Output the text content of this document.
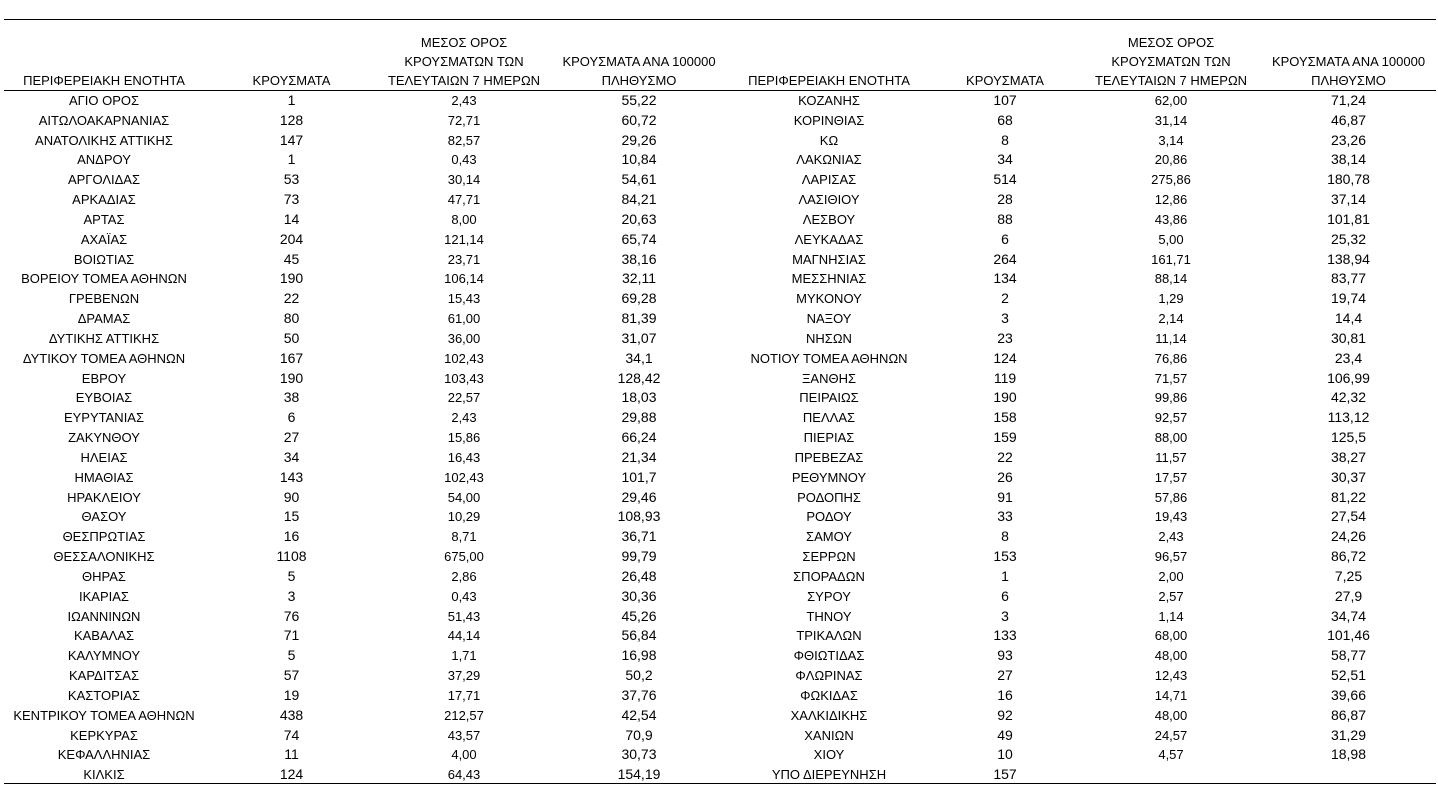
ΠΕΡΙΦΕΡΕΙΑΚΗ ΕΝΟΤΗΤΑ	ΚΡΟΥΣΜΑΤΑ	ΜΕΣΟΣ ΟΡΟΣ
ΚΡΟΥΣΜΑΤΩΝ ΤΩΝ
ΤΕΛΕΥΤΑΙΩΝ 7 ΗΜΕΡΩΝ	ΚΡΟΥΣΜΑΤΑ ΑΝΑ 100000
ΠΛΗΘΥΣΜΟ	ΠΕΡΙΦΕΡΕΙΑΚΗ ΕΝΟΤΗΤΑ	ΚΡΟΥΣΜΑΤΑ	ΜΕΣΟΣ ΟΡΟΣ
ΚΡΟΥΣΜΑΤΩΝ ΤΩΝ
ΤΕΛΕΥΤΑΙΩΝ 7 ΗΜΕΡΩΝ	ΚΡΟΥΣΜΑΤΑ ΑΝΑ 100000
ΠΛΗΘΥΣΜΟ
ΑΓΙΟ ΟΡΟΣ	1	2,43	55,22	ΚΟΖΑΝΗΣ	107	62,00	71,24
ΑΙΤΩΛΟΑΚΑΡΝΑΝΙΑΣ	128	72,71	60,72	ΚΟΡΙΝΘΙΑΣ	68	31,14	46,87
ΑΝΑΤΟΛΙΚΗΣ ΑΤΤΙΚΗΣ	147	82,57	29,26	ΚΩ	8	3,14	23,26
ΑΝΔΡΟΥ	1	0,43	10,84	ΛΑΚΩΝΙΑΣ	34	20,86	38,14
ΑΡΓΟΛΙΔΑΣ	53	30,14	54,61	ΛΑΡΙΣΑΣ	514	275,86	180,78
ΑΡΚΑΔΙΑΣ	73	47,71	84,21	ΛΑΣΙΘΙΟΥ	28	12,86	37,14
ΑΡΤΑΣ	14	8,00	20,63	ΛΕΣΒΟΥ	88	43,86	101,81
ΑΧΑΪΑΣ	204	121,14	65,74	ΛΕΥΚΑΔΑΣ	6	5,00	25,32
ΒΟΙΩΤΙΑΣ	45	23,71	38,16	ΜΑΓΝΗΣΙΑΣ	264	161,71	138,94
ΒΟΡΕΙΟΥ ΤΟΜΕΑ ΑΘΗΝΩΝ	190	106,14	32,11	ΜΕΣΣΗΝΙΑΣ	134	88,14	83,77
ΓΡΕΒΕΝΩΝ	22	15,43	69,28	ΜΥΚΟΝΟΥ	2	1,29	19,74
ΔΡΑΜΑΣ	80	61,00	81,39	ΝΑΞΟΥ	3	2,14	14,4
ΔΥΤΙΚΗΣ ΑΤΤΙΚΗΣ	50	36,00	31,07	ΝΗΣΩΝ	23	11,14	30,81
ΔΥΤΙΚΟΥ ΤΟΜΕΑ ΑΘΗΝΩΝ	167	102,43	34,1	ΝΟΤΙΟΥ ΤΟΜΕΑ ΑΘΗΝΩΝ	124	76,86	23,4
ΕΒΡΟΥ	190	103,43	128,42	ΞΑΝΘΗΣ	119	71,57	106,99
ΕΥΒΟΙΑΣ	38	22,57	18,03	ΠΕΙΡΑΙΩΣ	190	99,86	42,32
ΕΥΡΥΤΑΝΙΑΣ	6	2,43	29,88	ΠΕΛΛΑΣ	158	92,57	113,12
ΖΑΚΥΝΘΟΥ	27	15,86	66,24	ΠΙΕΡΙΑΣ	159	88,00	125,5
ΗΛΕΙΑΣ	34	16,43	21,34	ΠΡΕΒΕΖΑΣ	22	11,57	38,27
ΗΜΑΘΙΑΣ	143	102,43	101,7	ΡΕΘΥΜΝΟΥ	26	17,57	30,37
ΗΡΑΚΛΕΙΟΥ	90	54,00	29,46	ΡΟΔΟΠΗΣ	91	57,86	81,22
ΘΑΣΟΥ	15	10,29	108,93	ΡΟΔΟΥ	33	19,43	27,54
ΘΕΣΠΡΩΤΙΑΣ	16	8,71	36,71	ΣΑΜΟΥ	8	2,43	24,26
ΘΕΣΣΑΛΟΝΙΚΗΣ	1108	675,00	99,79	ΣΕΡΡΩΝ	153	96,57	86,72
ΘΗΡΑΣ	5	2,86	26,48	ΣΠΟΡΑΔΩΝ	1	2,00	7,25
ΙΚΑΡΙΑΣ	3	0,43	30,36	ΣΥΡΟΥ	6	2,57	27,9
ΙΩΑΝΝΙΝΩΝ	76	51,43	45,26	ΤΗΝΟΥ	3	1,14	34,74
ΚΑΒΑΛΑΣ	71	44,14	56,84	ΤΡΙΚΑΛΩΝ	133	68,00	101,46
ΚΑΛΥΜΝΟΥ	5	1,71	16,98	ΦΘΙΩΤΙΔΑΣ	93	48,00	58,77
ΚΑΡΔΙΤΣΑΣ	57	37,29	50,2	ΦΛΩΡΙΝΑΣ	27	12,43	52,51
ΚΑΣΤΟΡΙΑΣ	19	17,71	37,76	ΦΩΚΙΔΑΣ	16	14,71	39,66
ΚΕΝΤΡΙΚΟΥ ΤΟΜΕΑ ΑΘΗΝΩΝ	438	212,57	42,54	ΧΑΛΚΙΔΙΚΗΣ	92	48,00	86,87
ΚΕΡΚΥΡΑΣ	74	43,57	70,9	ΧΑΝΙΩΝ	49	24,57	31,29
ΚΕΦΑΛΛΗΝΙΑΣ	11	4,00	30,73	ΧΙΟΥ	10	4,57	18,98
ΚΙΛΚΙΣ	124	64,43	154,19	ΥΠΟ ΔΙΕΡΕΥΝΗΣΗ	157		
